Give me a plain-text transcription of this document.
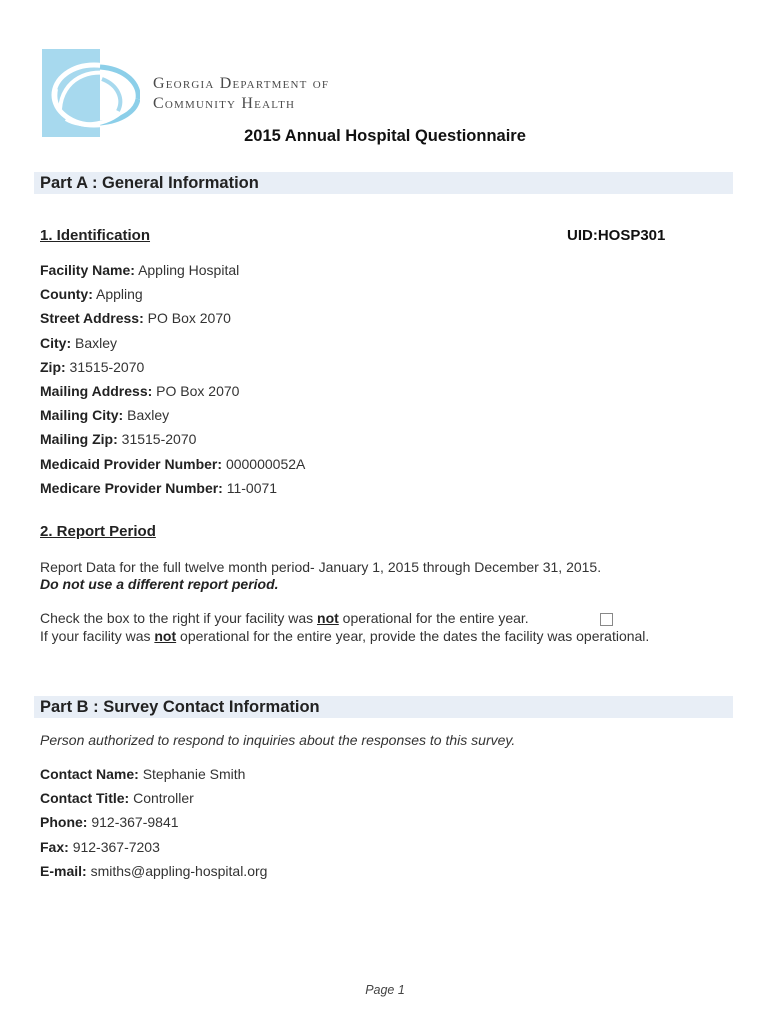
Georgia Department of
Community Health
2015 Annual Hospital Questionnaire
Part A : General Information
1. Identification	UID:HOSP301
Facility Name: Appling Hospital
County: Appling
Street Address: PO Box 2070
City: Baxley
Zip: 31515-2070
Mailing Address: PO Box 2070
Mailing City: Baxley
Mailing Zip: 31515-2070
Medicaid Provider Number: 000000052A
Medicare Provider Number: 11-0071
2. Report Period
Report Data for the full twelve month period- January 1, 2015 through December 31, 2015.
Do not use a different report period.
Check the box to the right if your facility was not operational for the entire year.
If your facility was not operational for the entire year, provide the dates the facility was operational.
Part B : Survey Contact Information
Person authorized to respond to inquiries about the responses to this survey.
Contact Name: Stephanie Smith
Contact Title: Controller
Phone: 912-367-9841
Fax: 912-367-7203
E-mail: smiths@appling-hospital.org
Page 1
